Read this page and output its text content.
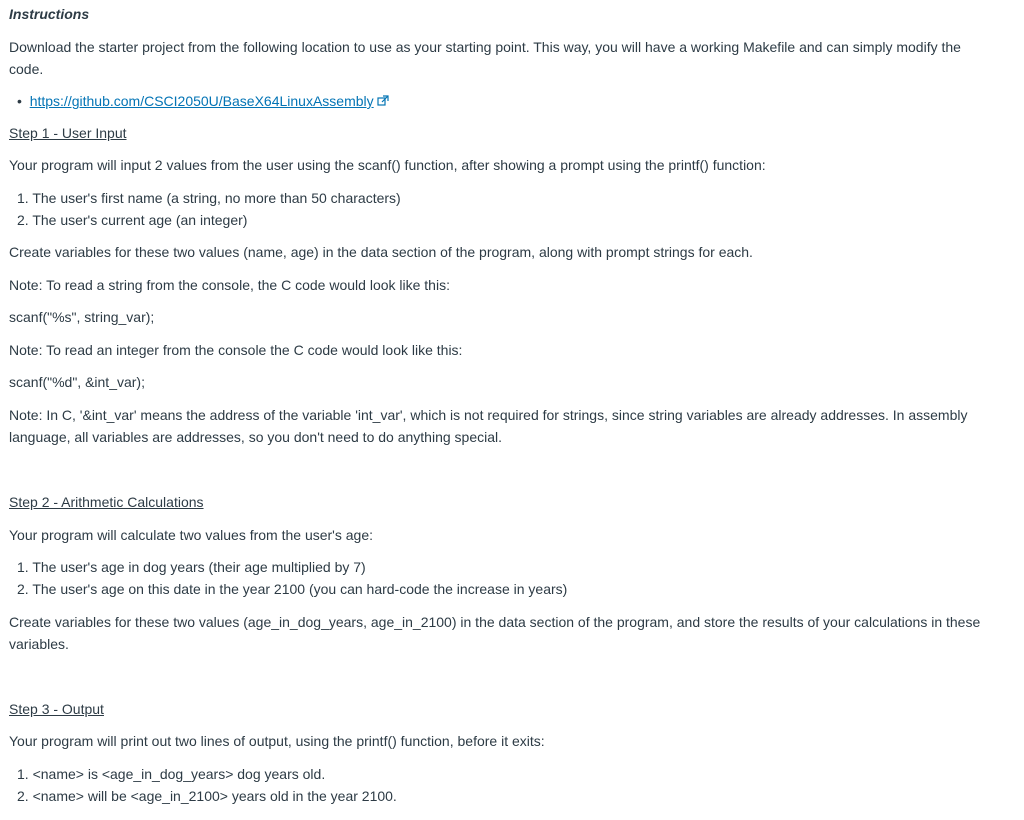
Instructions

Download the starter project from the following location to use as your starting point. This way, you will have a working Makefile and can simply modify the code.

•  https://github.com/CSCI2050U/BaseX64LinuxAssembly
Step 1 - User Input

Your program will input 2 values from the user using the scanf() function, after showing a prompt using the printf() function:

1. The user's first name (a string, no more than 50 characters)
2. The user's current age (an integer)

Create variables for these two values (name, age) in the data section of the program, along with prompt strings for each.

Note: To read a string from the console, the C code would look like this:

scanf("%s", string_var);

Note: To read an integer from the console the C code would look like this:

scanf("%d", &int_var);

Note: In C, '&int_var' means the address of the variable 'int_var', which is not required for strings, since string variables are already addresses. In assembly language, all variables are addresses, so you don't need to do anything special.

Step 2 - Arithmetic Calculations

Your program will calculate two values from the user's age:

1. The user's age in dog years (their age multiplied by 7)
2. The user's age on this date in the year 2100 (you can hard-code the increase in years)

Create variables for these two values (age_in_dog_years, age_in_2100) in the data section of the program, and store the results of your calculations in these variables.

Step 3 - Output

Your program will print out two lines of output, using the printf() function, before it exits:

1. <name> is <age_in_dog_years> dog years old.
2. <name> will be <age_in_2100> years old in the year 2100.
